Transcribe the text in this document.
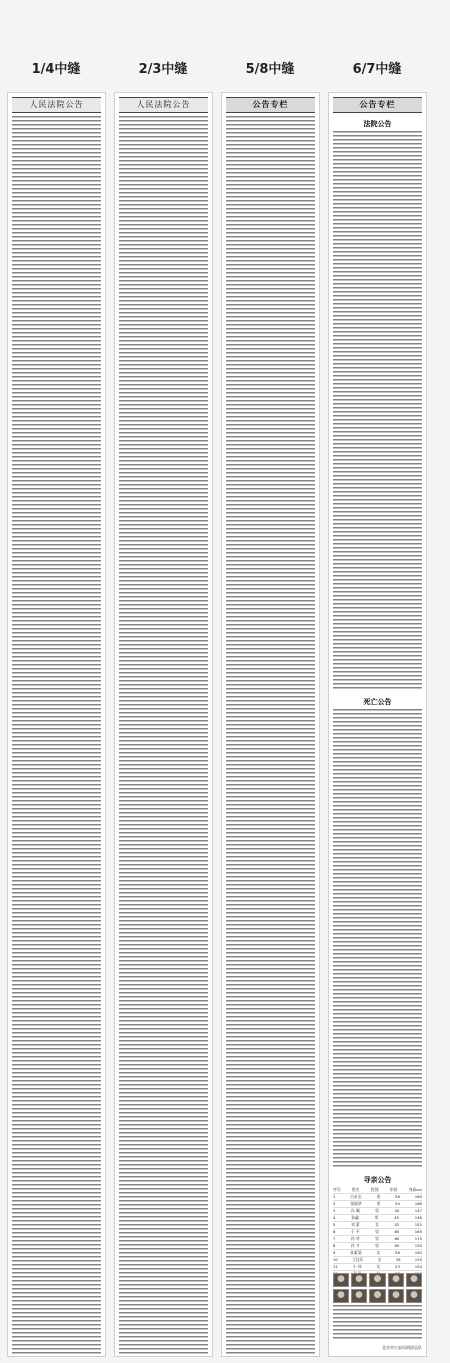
1/4中缝	2/3中缝	5/8中缝	6/7中缝
人民法院公告	人民法院公告	公告专栏	公告专栏
法院公告
死亡公告
寻亲公告
序号	姓名	性别	年龄	身高cm
1	白永宝	男	56	169
2	张福华	男	54	168
3	冯 佩	男	45	147
4	孙鑫	男	45	146
5	刘 蒙	女	52	152
6	于 平	男	60	165
7	孙 华	男	60	170
8	孙 才	男	60	150
9	孙素菊	女	58	150
10	王佳乐	女	39	155
11	小 伟	女	23	150
北京市公安局刑侦总队
